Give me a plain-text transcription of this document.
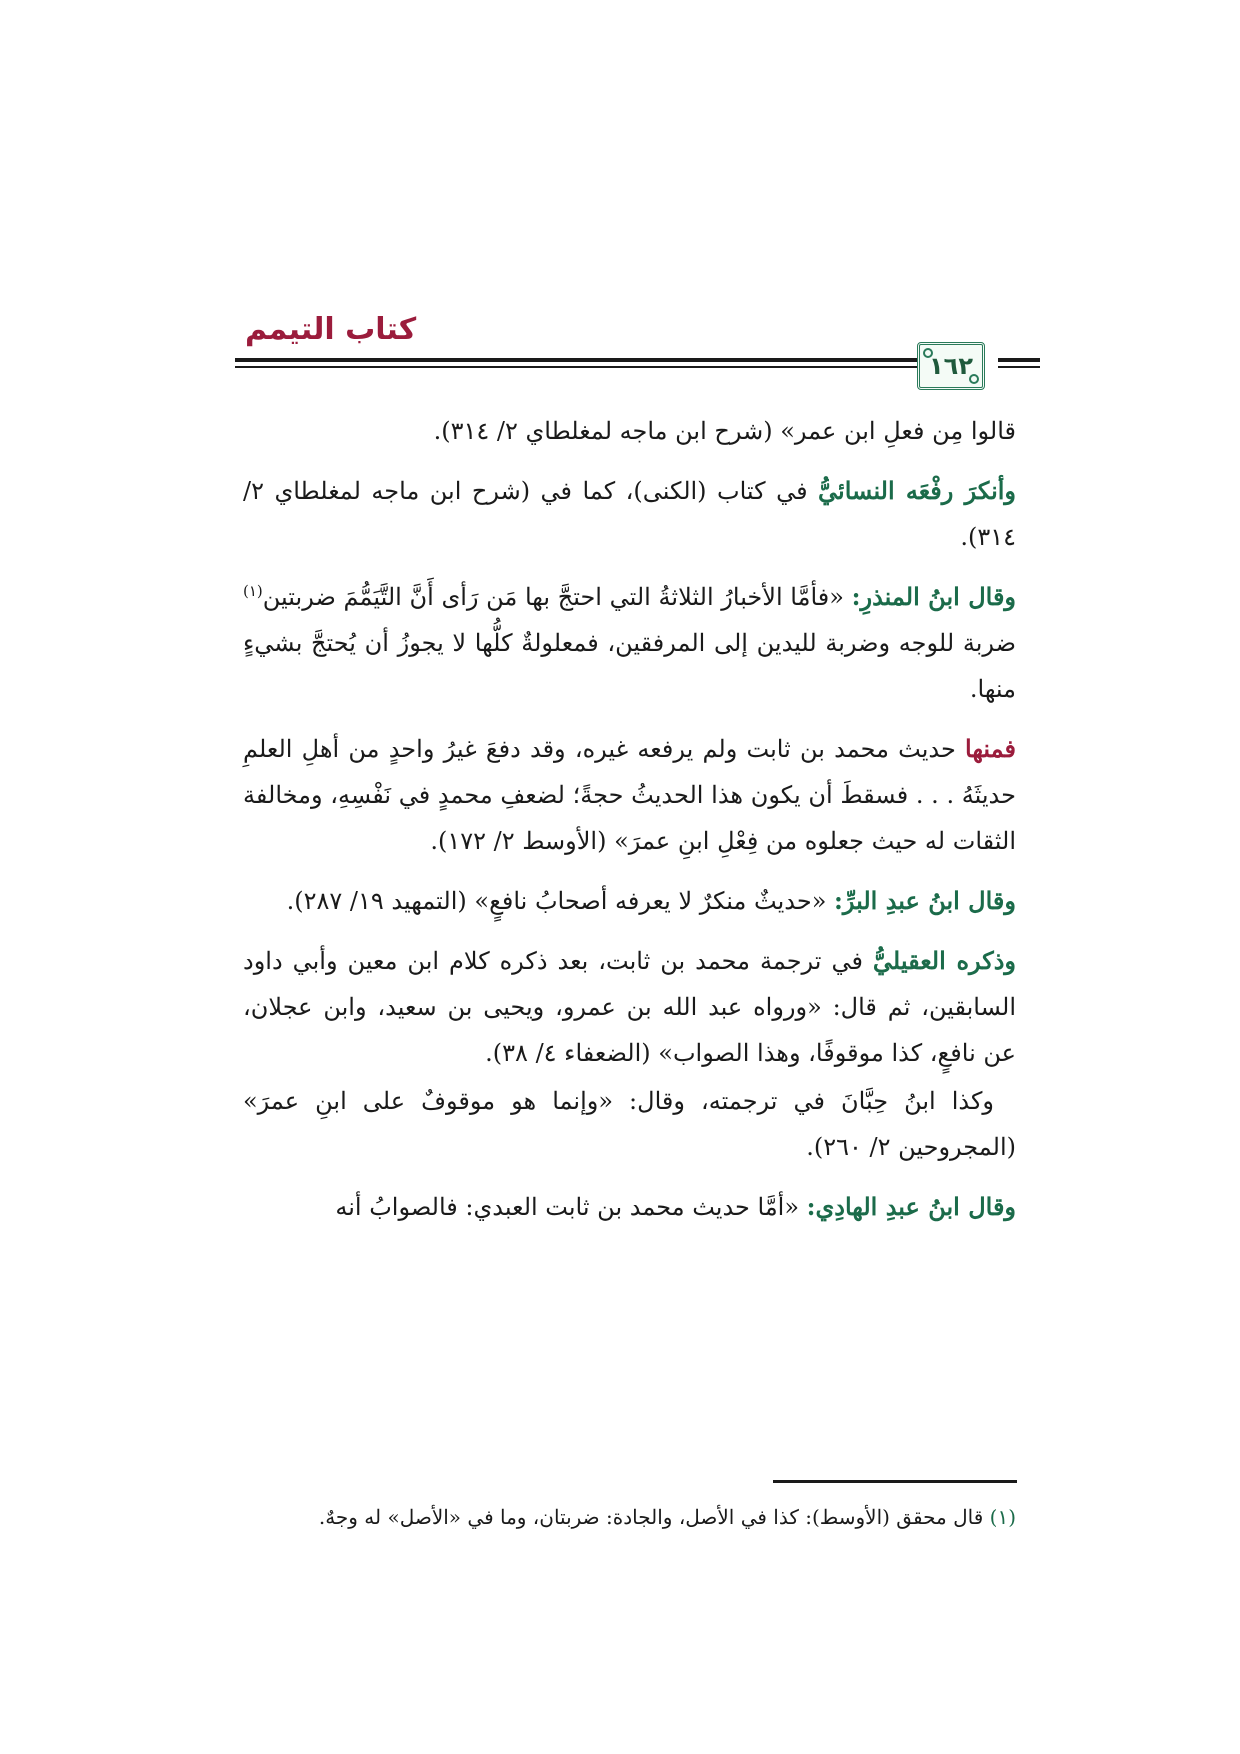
كتاب التيمم
١٦٢

قالوا مِن فعلِ ابن عمر» (شرح ابن ماجه لمغلطاي ٢/ ٣١٤).

وأنكرَ رفْعَه النسائيُّ في كتاب (الكنى)، كما في (شرح ابن ماجه لمغلطاي ٢/ ٣١٤).

وقال ابنُ المنذرِ: «فأمَّا الأخبارُ الثلاثةُ التي احتجَّ بها مَن رَأى أَنَّ التَّيَمُّمَ ضربتين$^{(١)}$ ضربة للوجه وضربة لليدين إلى المرفقين، فمعلولةٌ كلُّها لا يجوزُ أن يُحتجَّ بشيءٍ منها.

فمنها حديث محمد بن ثابت ولم يرفعه غيره، وقد دفعَ غيرُ واحدٍ من أهلِ العلمِ حديثَهُ . . . فسقطَ أن يكون هذا الحديثُ حجةً؛ لضعفِ محمدٍ في نَفْسِهِ، ومخالفة الثقات له حيث جعلوه من فِعْلِ ابنِ عمرَ» (الأوسط ٢/ ١٧٢).

وقال ابنُ عبدِ البرِّ: «حديثٌ منكرٌ لا يعرفه أصحابُ نافعٍ» (التمهيد ١٩/ ٢٨٧).

وذكره العقيليُّ في ترجمة محمد بن ثابت، بعد ذكره كلام ابن معين وأبي داود السابقين، ثم قال: «ورواه عبد الله بن عمرو، ويحيى بن سعيد، وابن عجلان، عن نافعٍ، كذا موقوفًا، وهذا الصواب» (الضعفاء ٤/ ٣٨).

وكذا ابنُ حِبَّانَ في ترجمته، وقال: «وإنما هو موقوفٌ على ابنِ عمرَ» (المجروحين ٢/ ٢٦٠).

وقال ابنُ عبدِ الهادِي: «أمَّا حديث محمد بن ثابت العبدي: فالصوابُ أنه

(١) قال محقق (الأوسط): كذا في الأصل، والجادة: ضربتان، وما في «الأصل» له وجهٌ.
